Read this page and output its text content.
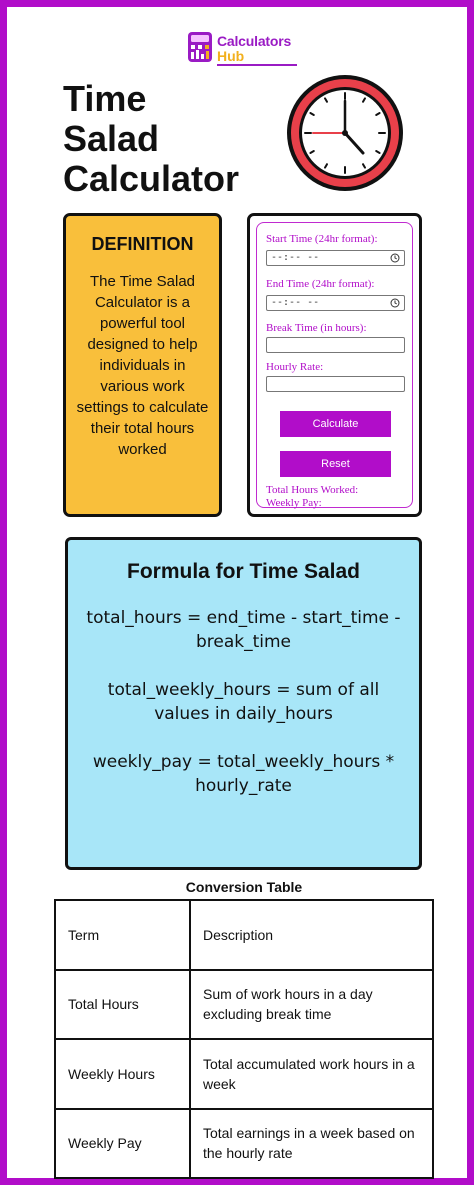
Calculators
Hub
Time
Salad
Calculator
DEFINITION
The Time Salad Calculator is a powerful tool designed to help individuals in various work settings to calculate their total hours worked
Start Time (24hr format):
--:-- --
End Time (24hr format):
--:-- --
Break Time (in hours):
Hourly Rate:
Calculate
Reset
Total Hours Worked:
Weekly Pay:
Formula for Time Salad
total_hours = end_time - start_time - break_time
total_weekly_hours = sum of all values in daily_hours
weekly_pay = total_weekly_hours * hourly_rate
Conversion Table
Term	Description
Total Hours	Sum of work hours in a day excluding break time
Weekly Hours	Total accumulated work hours in a week
Weekly Pay	Total earnings in a week based on the hourly rate
